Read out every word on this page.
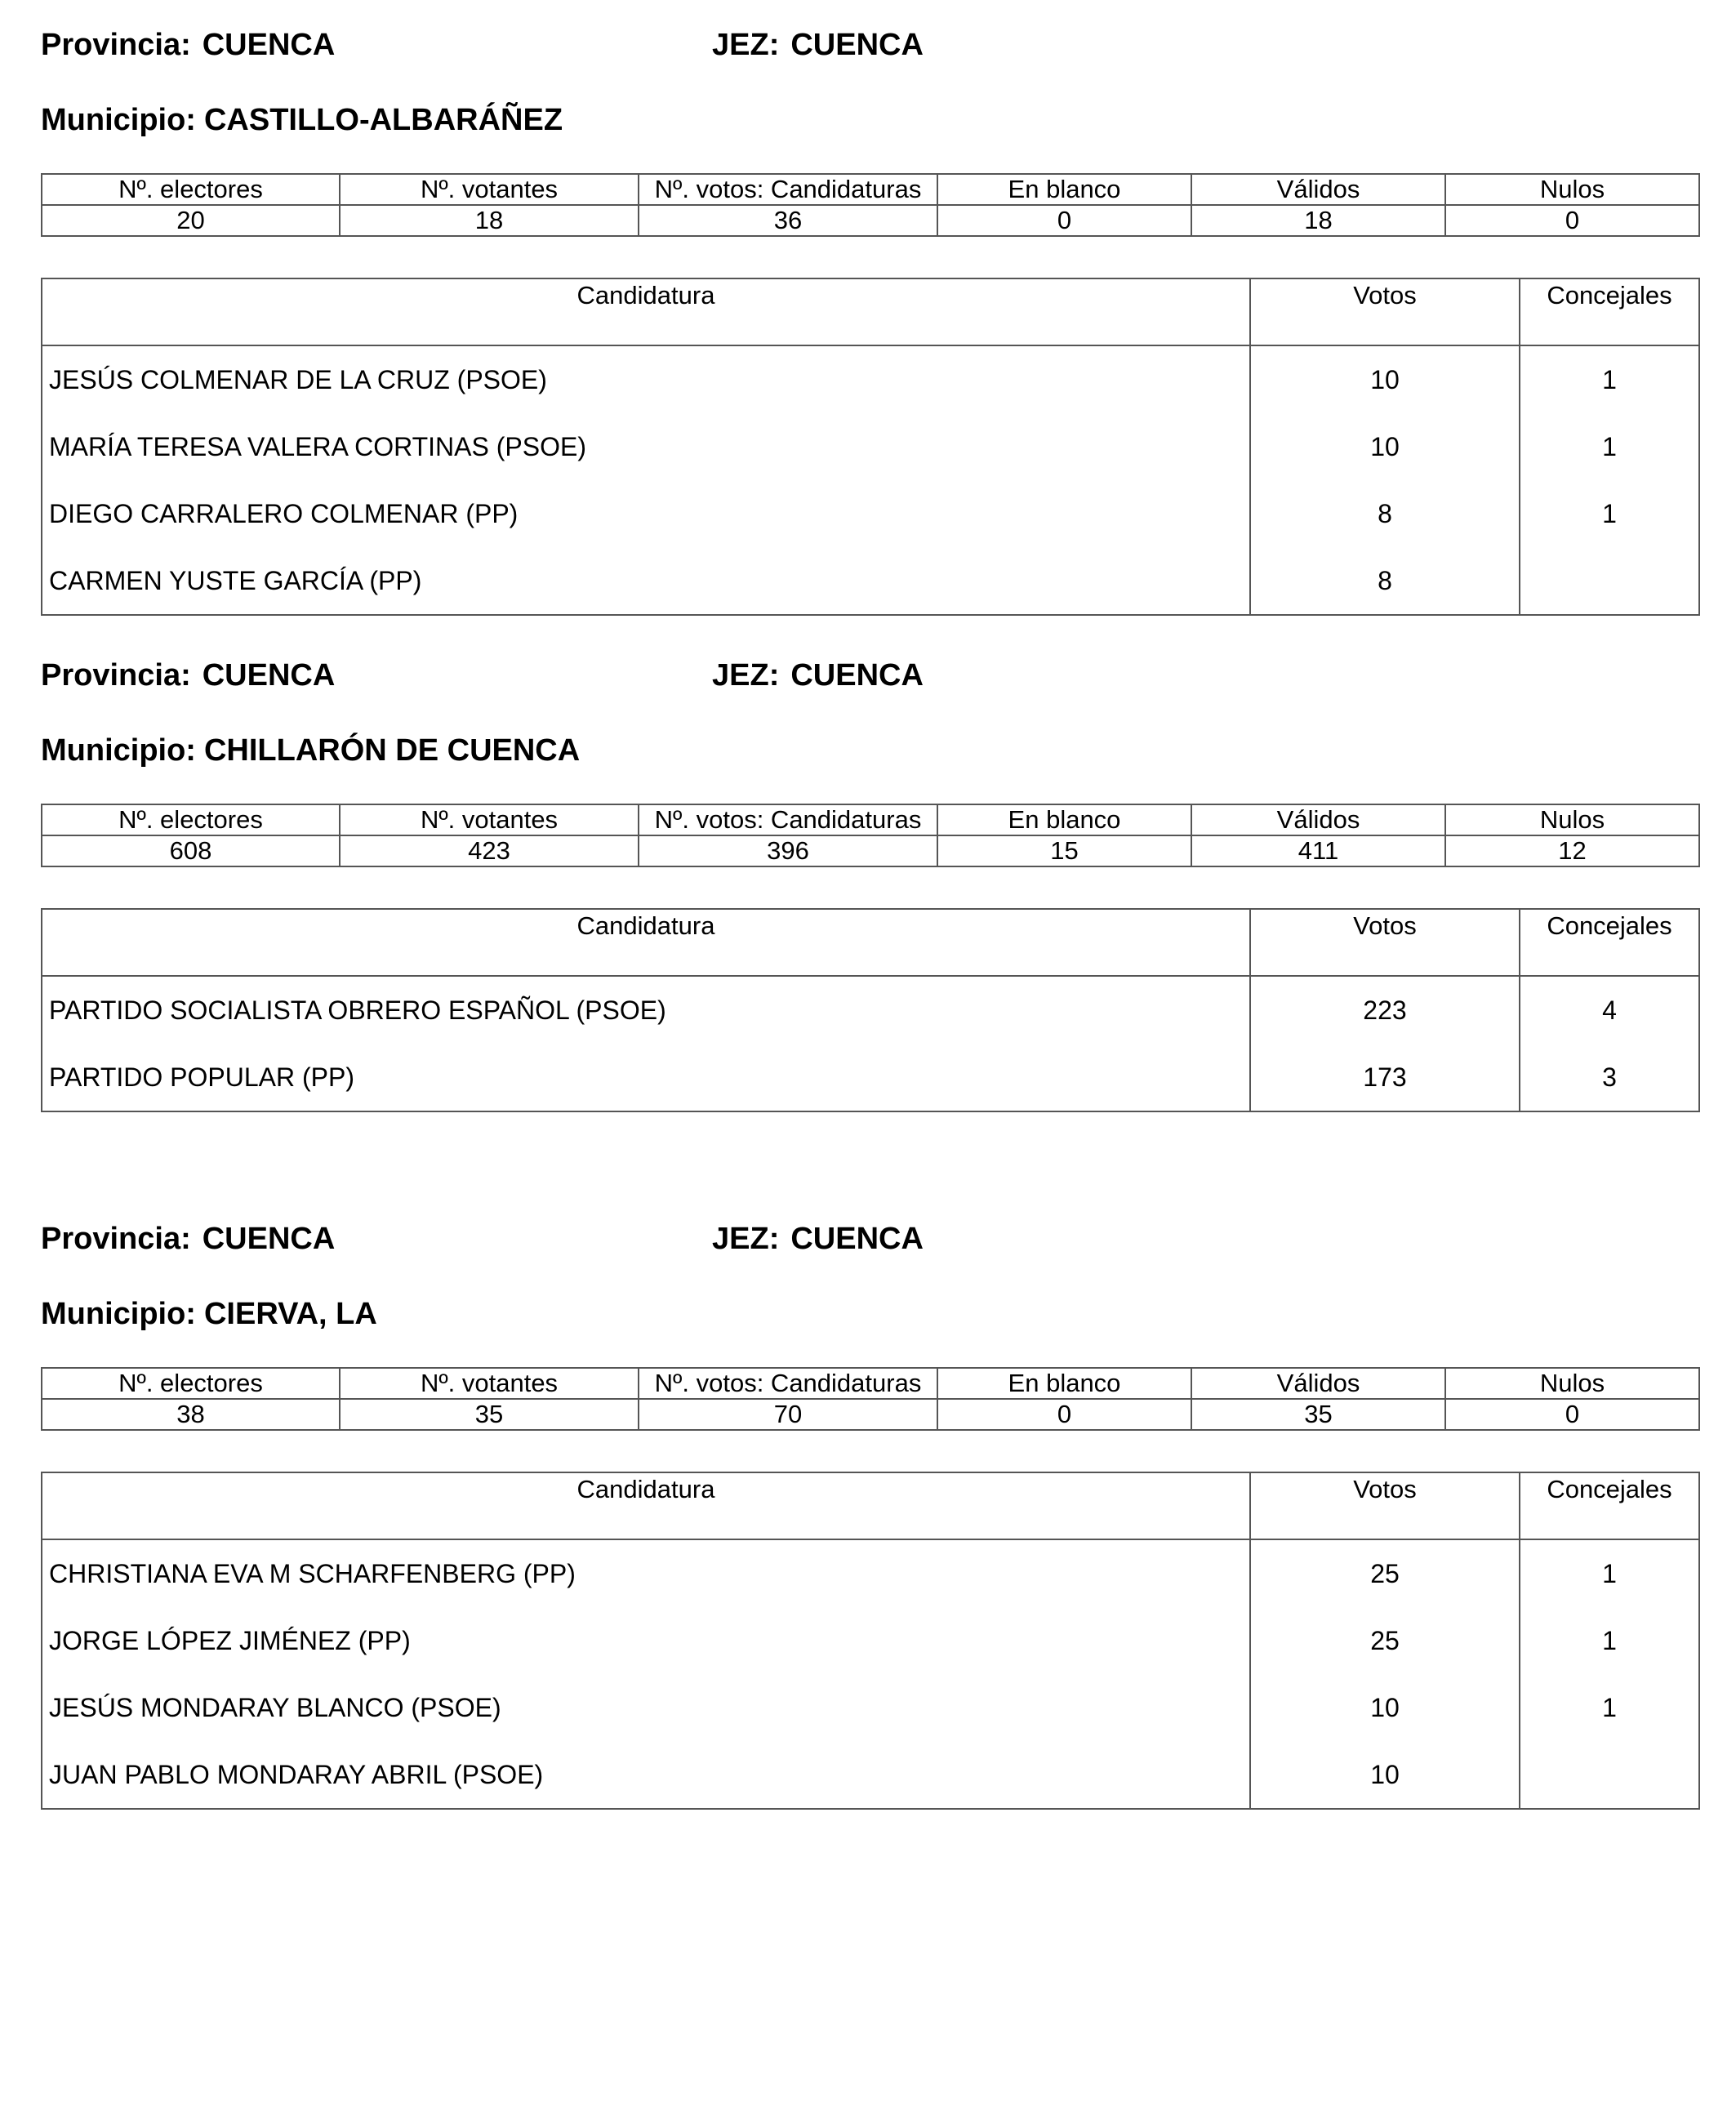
Provincia: CUENCA	JEZ: CUENCA
Municipio: CASTILLO-ALBARÁÑEZ
Nº. electores	Nº. votantes	Nº. votos: Candidaturas	En blanco	Válidos	Nulos
20	18	36	0	18	0
Candidatura	Votos	Concejales
JESÚS COLMENAR DE LA CRUZ (PSOE)	10	1
MARÍA TERESA VALERA CORTINAS (PSOE)	10	1
DIEGO CARRALERO COLMENAR (PP)	8	1
CARMEN YUSTE GARCÍA (PP)	8	
Provincia: CUENCA	JEZ: CUENCA
Municipio: CHILLARÓN DE CUENCA
Nº. electores	Nº. votantes	Nº. votos: Candidaturas	En blanco	Válidos	Nulos
608	423	396	15	411	12
Candidatura	Votos	Concejales
PARTIDO SOCIALISTA OBRERO ESPAÑOL (PSOE)	223	4
PARTIDO POPULAR (PP)	173	3
Provincia: CUENCA	JEZ: CUENCA
Municipio: CIERVA, LA
Nº. electores	Nº. votantes	Nº. votos: Candidaturas	En blanco	Válidos	Nulos
38	35	70	0	35	0
Candidatura	Votos	Concejales
CHRISTIANA EVA M SCHARFENBERG (PP)	25	1
JORGE LÓPEZ JIMÉNEZ (PP)	25	1
JESÚS MONDARAY BLANCO (PSOE)	10	1
JUAN PABLO MONDARAY ABRIL (PSOE)	10	
